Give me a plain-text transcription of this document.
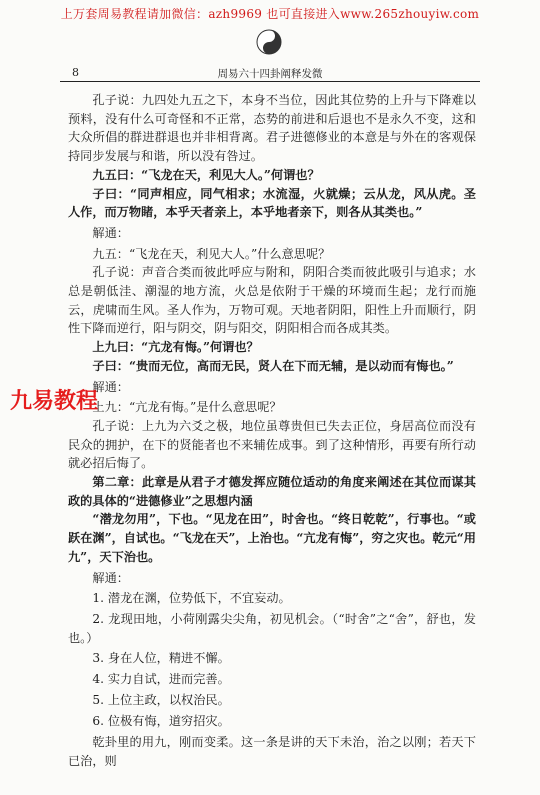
上万套周易教程请加微信：azh9969 也可直接进入www.265zhouyiw.com
8	周易六十四卦阐释发微

孔子说：九四处九五之下，本身不当位，因此其位势的上升与下降难以预料，没有什么可奇怪和不正常，态势的前进和后退也不是永久不变，这和大众所倡的群进群退也并非相背离。君子进德修业的本意是与外在的客观保持同步发展与和谐，所以没有咎过。

九五曰：“飞龙在天，利见大人。”何谓也？

子曰：“同声相应，同气相求；水流湿，火就燥；云从龙，风从虎。圣人作，而万物睹，本乎天者亲上，本乎地者亲下，则各从其类也。”

解通：

九五：“飞龙在天，利见大人。”什么意思呢？

孔子说：声音合类而彼此呼应与附和，阴阳合类而彼此吸引与追求；水总是朝低洼、潮湿的地方流，火总是依附于干燥的环境而生起；龙行而施云，虎啸而生风。圣人作为，万物可观。天地者阴阳，阳性上升而顺行，阴性下降而逆行，阳与阴交，阴与阳交，阴阳相合而各成其类。

上九曰：“亢龙有悔。”何谓也？

子曰：“贵而无位，高而无民，贤人在下而无辅，是以动而有悔也。”

解通：

上九：“亢龙有悔。”是什么意思呢？

孔子说：上九为六爻之极，地位虽尊贵但已失去正位，身居高位而没有民众的拥护，在下的贤能者也不来辅佐成事。到了这种情形，再要有所行动就必招后悔了。

第二章：此章是从君子才德发挥应随位适动的角度来阐述在其位而谋其政的具体的“进德修业”之思想内涵

“潜龙勿用”，下也。“见龙在田”，时舍也。“终日乾乾”，行事也。“或跃在渊”，自试也。“飞龙在天”，上治也。“亢龙有悔”，穷之灾也。乾元“用九”，天下治也。

解通：

1. 潜龙在渊，位势低下，不宜妄动。

2. 龙现田地，小荷刚露尖尖角，初见机会。（“时舍”之“舍”，舒也，发也。）

3. 身在人位，精进不懈。

4. 实力自试，进而完善。

5. 上位主政，以权治民。

6. 位极有悔，道穷招灾。

乾卦里的用九，刚而变柔。这一条是讲的天下未治，治之以刚；若天下已治，则

九易教程
